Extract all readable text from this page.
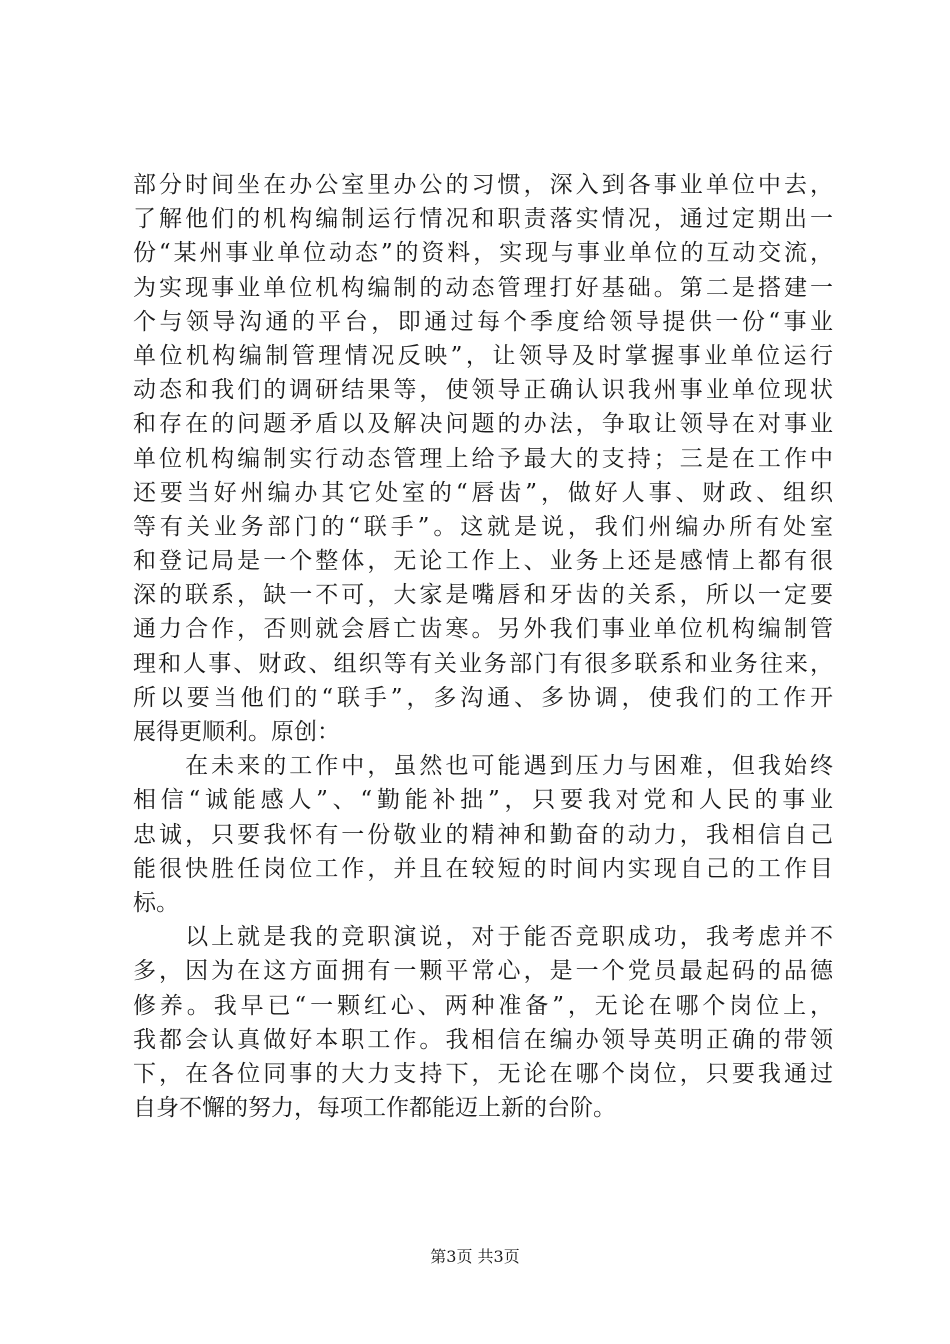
部分时间坐在办公室里办公的习惯，深入到各事业单位中去，
了解他们的机构编制运行情况和职责落实情况，通过定期出一
份“某州事业单位动态”的资料，实现与事业单位的互动交流，
为实现事业单位机构编制的动态管理打好基础。第二是搭建一
个与领导沟通的平台，即通过每个季度给领导提供一份“事业
单位机构编制管理情况反映”，让领导及时掌握事业单位运行
动态和我们的调研结果等，使领导正确认识我州事业单位现状
和存在的问题矛盾以及解决问题的办法，争取让领导在对事业
单位机构编制实行动态管理上给予最大的支持；三是在工作中
还要当好州编办其它处室的“唇齿”，做好人事、财政、组织
等有关业务部门的“联手”。这就是说，我们州编办所有处室
和登记局是一个整体，无论工作上、业务上还是感情上都有很
深的联系，缺一不可，大家是嘴唇和牙齿的关系，所以一定要
通力合作，否则就会唇亡齿寒。另外我们事业单位机构编制管
理和人事、财政、组织等有关业务部门有很多联系和业务往来，
所以要当他们的“联手”，多沟通、多协调，使我们的工作开
展得更顺利。原创：
　　在未来的工作中，虽然也可能遇到压力与困难，但我始终
相信“诚能感人”、“勤能补拙”，只要我对党和人民的事业
忠诚，只要我怀有一份敬业的精神和勤奋的动力，我相信自己
能很快胜任岗位工作，并且在较短的时间内实现自己的工作目
标。
　　以上就是我的竞职演说，对于能否竞职成功，我考虑并不
多，因为在这方面拥有一颗平常心，是一个党员最起码的品德
修养。我早已“一颗红心、两种准备”，无论在哪个岗位上，
我都会认真做好本职工作。我相信在编办领导英明正确的带领
下，在各位同事的大力支持下，无论在哪个岗位，只要我通过
自身不懈的努力，每项工作都能迈上新的台阶。
第3页 共3页
